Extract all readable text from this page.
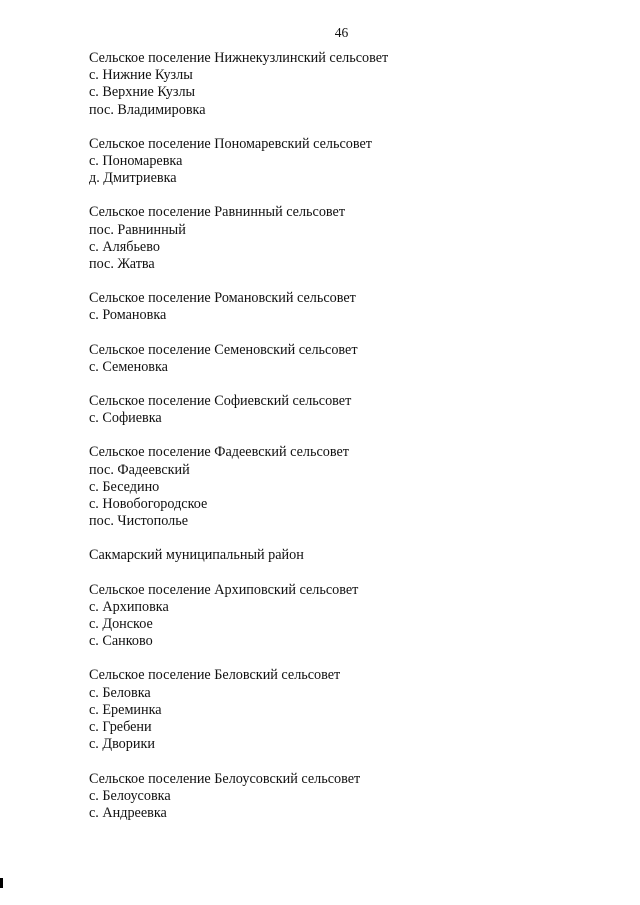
46
Сельское поселение Нижнекузлинский сельсовет
с. Нижние Кузлы
с. Верхние Кузлы
пос. Владимировка
Сельское поселение Пономаревский сельсовет
с. Пономаревка
д. Дмитриевка
Сельское поселение Равнинный сельсовет
пос. Равнинный
с. Алябьево
пос. Жатва
Сельское поселение Романовский сельсовет
с. Романовка
Сельское поселение Семеновский сельсовет
с. Семеновка
Сельское поселение Софиевский сельсовет
с. Софиевка
Сельское поселение Фадеевский сельсовет
пос. Фадеевский
с. Беседино
с. Новобогородское
пос. Чистополье
Сакмарский муниципальный район
Сельское поселение Архиповский сельсовет
с. Архиповка
с. Донское
с. Санково
Сельское поселение Беловский сельсовет
с. Беловка
с. Ереминка
с. Гребени
с. Дворики
Сельское поселение Белоусовский сельсовет
с. Белоусовка
с. Андреевка
